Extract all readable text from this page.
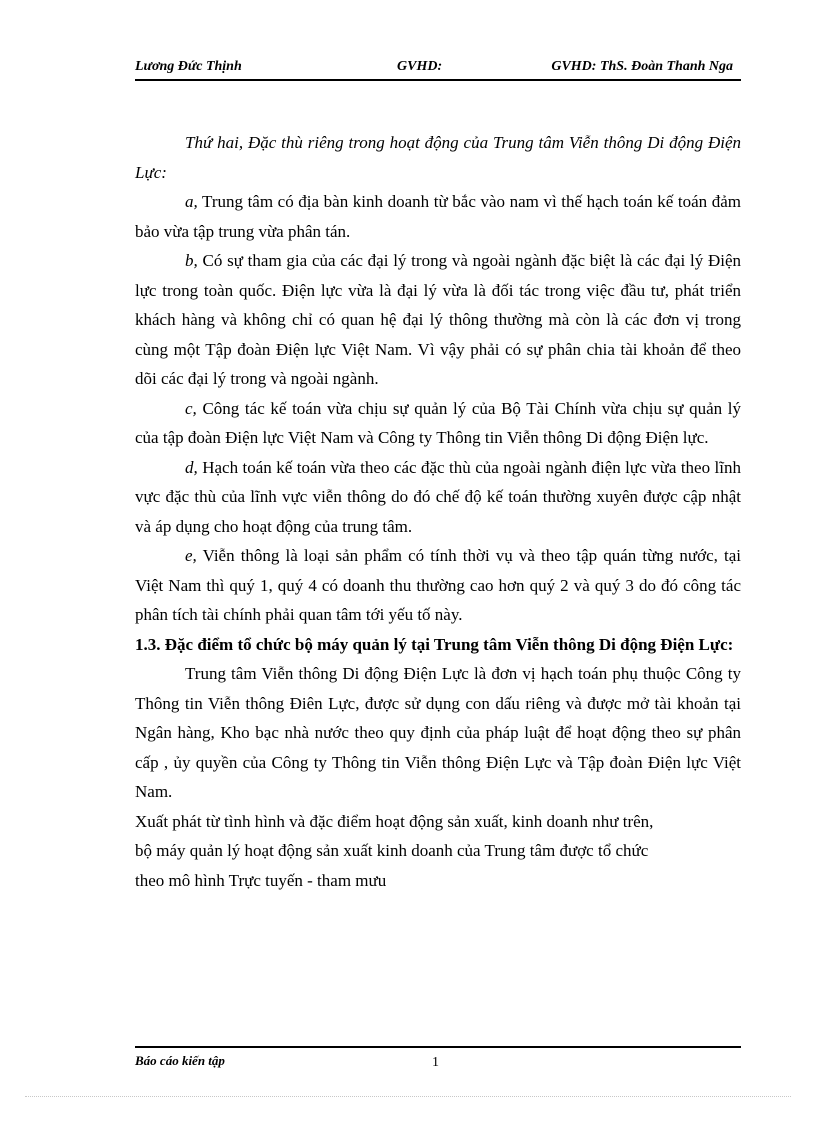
Lương Đức Thịnh	GVHD:	GVHD: ThS. Đoàn Thanh Nga

Thứ hai, Đặc thù riêng trong hoạt động của Trung tâm Viễn thông Di động Điện Lực:

a, Trung tâm có địa bàn kinh doanh từ bắc vào nam vì thế hạch toán kế toán đảm bảo vừa tập trung vừa phân tán.

b, Có sự tham gia của các đại lý trong và ngoài ngành đặc biệt là các đại lý Điện lực trong toàn quốc. Điện lực vừa là đại lý vừa là đối tác trong việc đầu tư, phát triển khách hàng và không chỉ có quan hệ đại lý thông thường mà còn là các đơn vị trong cùng một Tập đoàn Điện lực Việt Nam. Vì vậy phải có sự phân chia tài khoản để theo dõi các đại lý trong và ngoài ngành.

c, Công tác kế toán vừa chịu sự quản lý của Bộ Tài Chính vừa chịu sự quản lý của tập đoàn Điện lực Việt Nam và Công ty Thông tin Viễn thông Di động Điện lực.

d, Hạch toán kế toán vừa theo các đặc thù của ngoài ngành điện lực vừa theo lĩnh vực đặc thù của lĩnh vực viễn thông do đó chế độ kế toán thường xuyên được cập nhật và áp dụng cho hoạt động của trung tâm.

e, Viễn thông là loại sản phẩm có tính thời vụ và theo tập quán từng nước, tại Việt Nam thì quý 1, quý 4 có doanh thu thường cao hơn quý 2 và quý 3 do đó công tác phân tích tài chính phải quan tâm tới yếu tố này.

1.3. Đặc điểm tổ chức bộ máy quản lý tại Trung tâm Viễn thông Di động Điện Lực:

Trung tâm Viễn thông Di động Điện Lực là đơn vị hạch toán phụ thuộc Công ty Thông tin Viễn thông Điên Lực, được sử dụng con dấu riêng và được mở tài khoản tại Ngân hàng, Kho bạc nhà nước theo quy định của pháp luật để hoạt động theo sự phân cấp , ủy quyền của Công ty Thông tin Viễn thông Điện Lực và Tập đoàn Điện lực Việt Nam.

Xuất phát từ tình hình và đặc điểm hoạt động sản xuất, kinh doanh như trên,
bộ máy quản lý hoạt động sản xuất kinh doanh của Trung tâm được tổ chức
theo mô hình Trực tuyến - tham mưu
Báo cáo kiến tập	1
